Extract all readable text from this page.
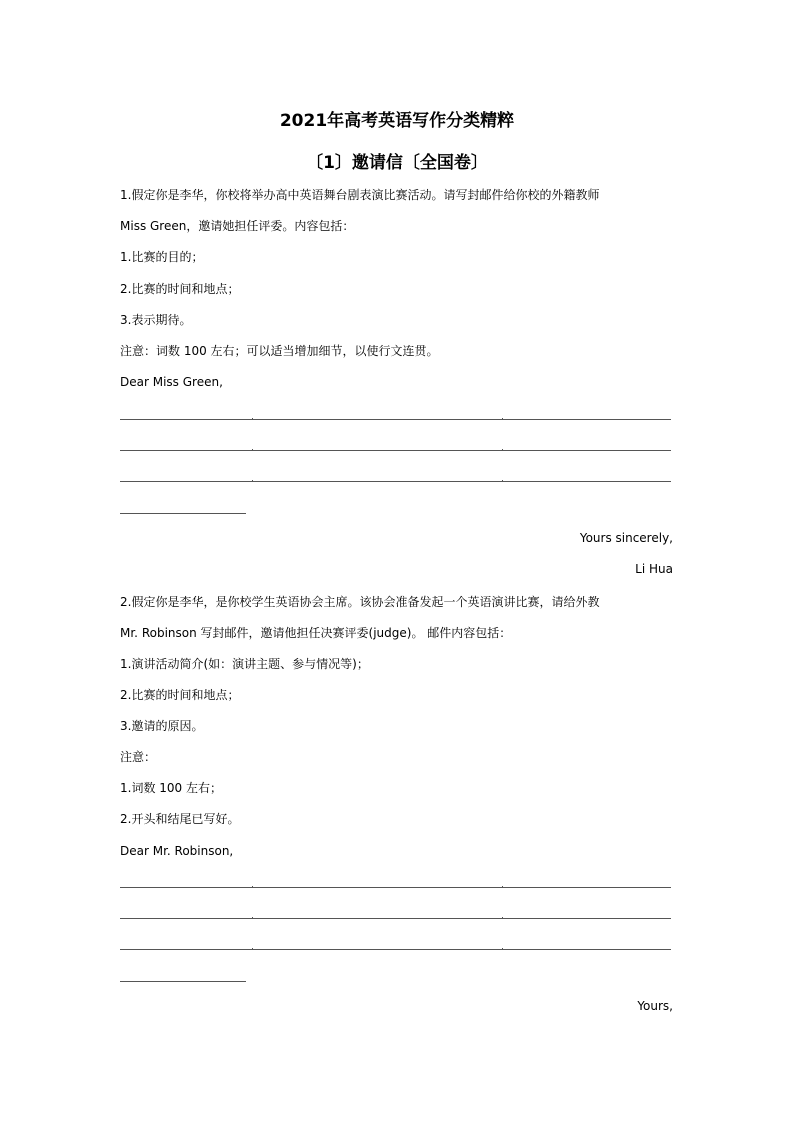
2021年高考英语写作分类精粹
〔1〕邀请信〔全国卷〕
1.假定你是李华，你校将举办高中英语舞台剧表演比赛活动。请写封邮件给你校的外籍教师
Miss Green，邀请她担任评委。内容包括：
1.比赛的目的；
2.比赛的时间和地点；
3.表示期待。
注意：词数 100 左右；可以适当增加细节，以使行文连贯。
Dear Miss Green,
Yours sincerely,
Li Hua
2.假定你是李华，是你校学生英语协会主席。该协会准备发起一个英语演讲比赛，请给外教
Mr. Robinson 写封邮件，邀请他担任决赛评委(judge)。 邮件内容包括：
1.演讲活动简介(如：演讲主题、参与情况等)；
2.比赛的时间和地点；
3.邀请的原因。
注意：
1.词数 100 左右；
2.开头和结尾已写好。
Dear Mr. Robinson,
Yours,
